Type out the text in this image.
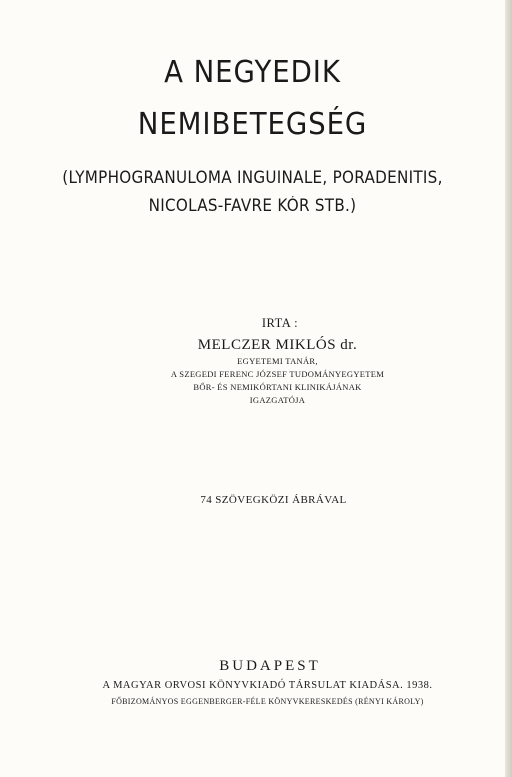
A NEGYEDIK
NEMIBETEGSÉG
(LYMPHOGRANULOMA INGUINALE, PORADENITIS,
NICOLAS-FAVRE KÓR STB.)
IRTA :
MELCZER MIKLÓS dr.
EGYETEMI TANÁR,
A SZEGEDI FERENC JÓZSEF TUDOMÁNYEGYETEM
BŐR- ÉS NEMIKÓRTANI KLINIKÁJÁNAK
IGAZGATÓJA
74 SZÖVEGKÖZI ÁBRÁVAL
BUDAPEST
A MAGYAR ORVOSI KÖNYVKIADÓ TÁRSULAT KIADÁSA. 1938.
FŐBIZOMÁNYOS EGGENBERGER-FÉLE KÖNYVKERESKEDÉS (RÉNYI KÁROLY)
